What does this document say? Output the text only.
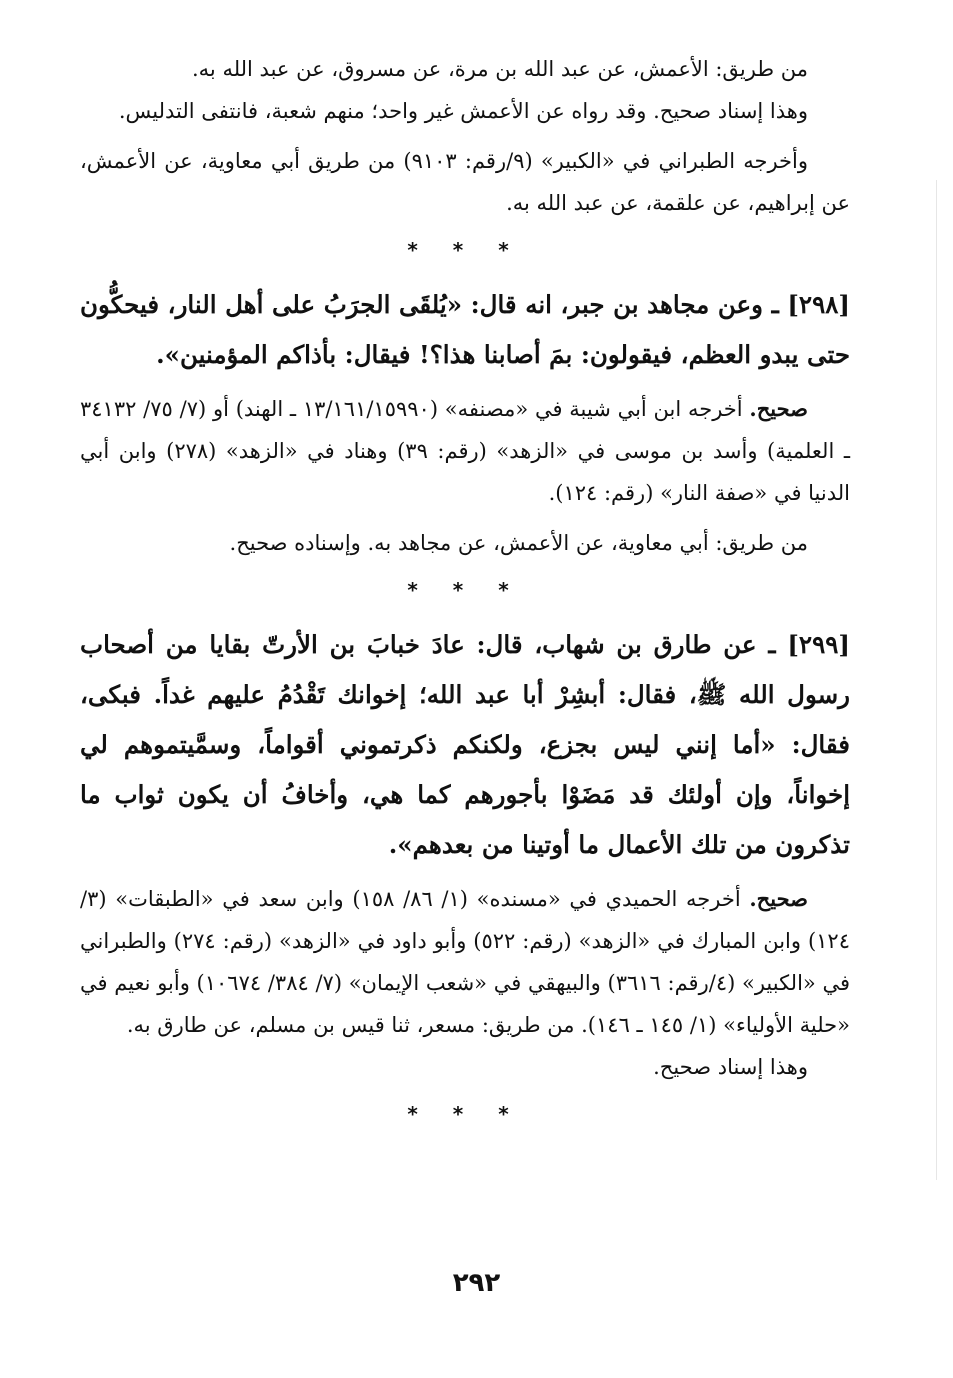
من طريق: الأعمش، عن عبد الله بن مرة، عن مسروق، عن عبد الله به.

وهذا إسناد صحيح. وقد رواه عن الأعمش غير واحد؛ منهم شعبة، فانتفى التدليس.

وأخرجه الطبراني في «الكبير» (٩/رقم: ٩١٠٣) من طريق أبي معاوية، عن الأعمش، عن إبراهيم، عن علقمة، عن عبد الله به.

* * *

[٢٩٨] ـ وعن مجاهد بن جبر، انه قال: «يُلقَى الجرَبُ على أهل النار، فيحكُّون حتى يبدو العظم، فيقولون: بمَ أصابنا هذا؟! فيقال: بأذاكم المؤمنين».

صحيح. أخرجه ابن أبي شيبة في «مصنفه» (١٣/١٦١/١٥٩٩٠ ـ الهند) أو (٧/ ٧٥/ ٣٤١٣٢ ـ العلمية) وأسد بن موسى في «الزهد» (رقم: ٣٩) وهناد في «الزهد» (٢٧٨) وابن أبي الدنيا في «صفة النار» (رقم: ١٢٤).

من طريق: أبي معاوية، عن الأعمش، عن مجاهد به. وإسناده صحيح.

* * *

[٢٩٩] ـ عن طارق بن شهاب، قال: عادَ خبابَ بن الأرتّ بقايا من أصحاب رسول الله ﷺ، فقال: أبشِرْ أبا عبد الله؛ إخوانك تَقْدُمُ عليهم غداً. فبكى، فقال: «أما إنني ليس بجزع، ولكنكم ذكرتموني أقواماً، وسمَّيتموهم لي إخواناً، وإن أولئك قد مَضَوْا بأجورهم كما هي، وأخافُ أن يكون ثواب ما تذكرون من تلك الأعمال ما أوتينا من بعدهم».

صحيح. أخرجه الحميدي في «مسنده» (١/ ٨٦/ ١٥٨) وابن سعد في «الطبقات» (٣/ ١٢٤) وابن المبارك في «الزهد» (رقم: ٥٢٢) وأبو داود في «الزهد» (رقم: ٢٧٤) والطبراني في «الكبير» (٤/رقم: ٣٦١٦) والبيهقي في «شعب الإيمان» (٧/ ٣٨٤/ ١٠٦٧٤) وأبو نعيم في «حلية الأولياء» (١/ ١٤٥ ـ ١٤٦). من طريق: مسعر، ثنا قيس بن مسلم، عن طارق به.

وهذا إسناد صحيح.

* * *
٢٩٢
